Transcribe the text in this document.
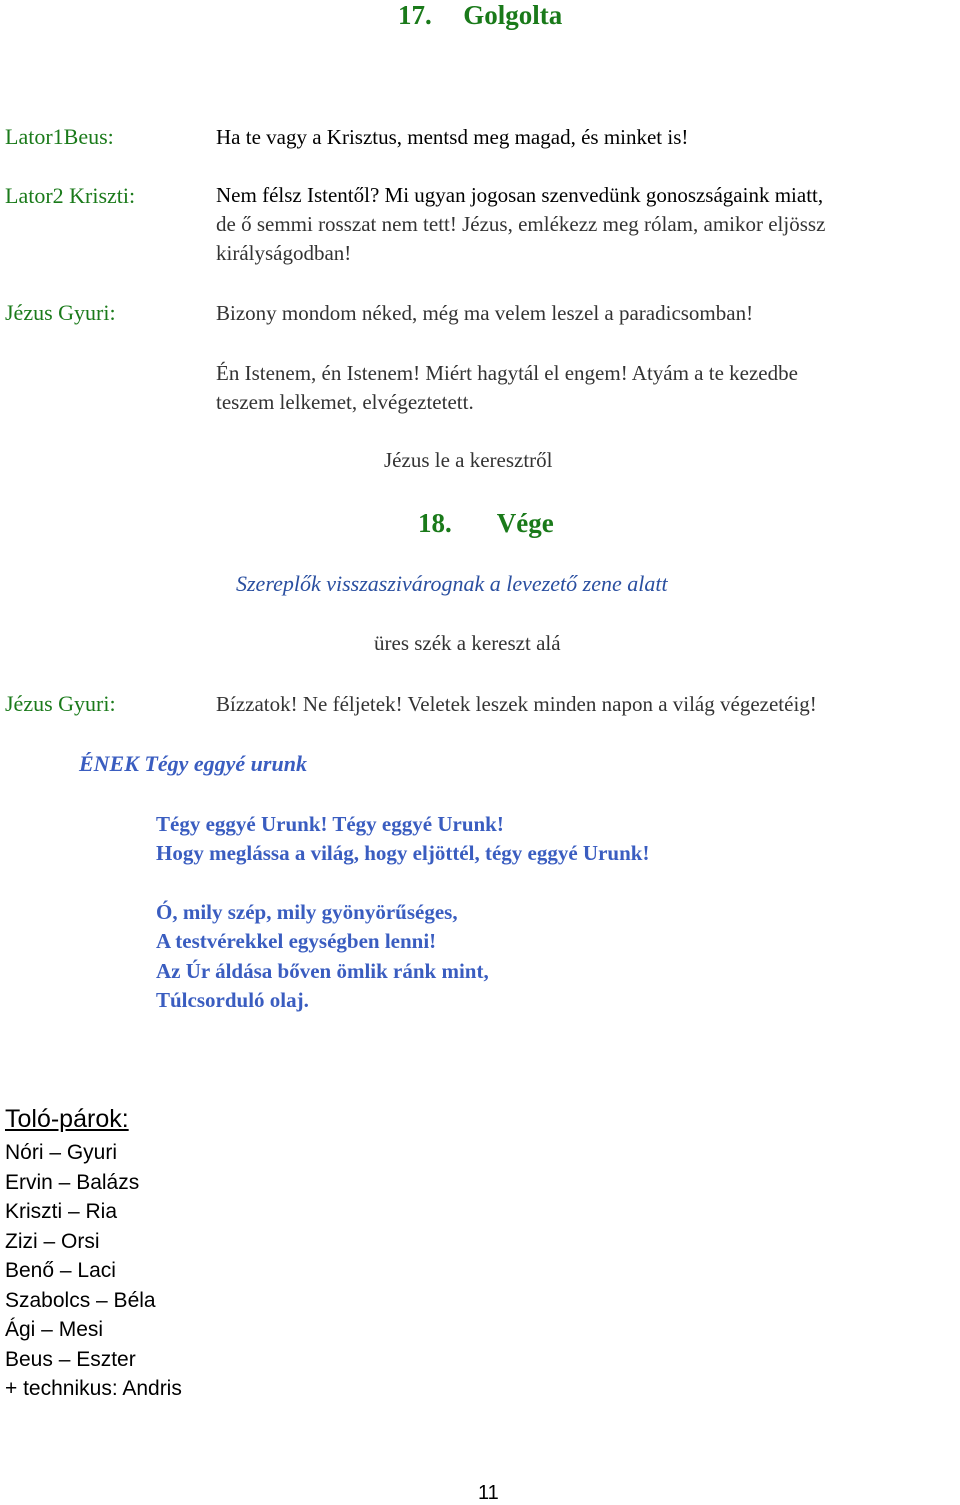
17. Golgolta
Lator1Beus:	Ha te vagy a Krisztus, mentsd meg magad, és minket is!
Lator2 Kriszti:	Nem félsz Istentől? Mi ugyan jogosan szenvedünk gonoszságaink miatt,
de ő semmi rosszat nem tett! Jézus, emlékezz meg rólam, amikor eljössz
királyságodban!
Jézus Gyuri:	Bizony mondom néked, még ma velem leszel a paradicsomban!
Én Istenem, én Istenem! Miért hagytál el engem! Atyám a te kezedbe
teszem lelkemet, elvégeztetett.
Jézus le a keresztről
18. Vége
Szereplők visszaszivárognak a levezető zene alatt
üres szék a kereszt alá
Jézus Gyuri:	Bízzatok! Ne féljetek! Veletek leszek minden napon a világ végezetéig!
ÉNEK Tégy eggyé urunk
Tégy eggyé Urunk! Tégy eggyé Urunk!
Hogy meglássa a világ, hogy eljöttél, tégy eggyé Urunk!
Ó, mily szép, mily gyönyörűséges,
A testvérekkel egységben lenni!
Az Úr áldása bőven ömlik ránk mint,
Túlcsorduló olaj.
Toló-párok:
Nóri – Gyuri
Ervin – Balázs
Kriszti – Ria
Zizi – Orsi
Benő – Laci
Szabolcs – Béla
Ági – Mesi
Beus – Eszter
+ technikus: Andris
11
